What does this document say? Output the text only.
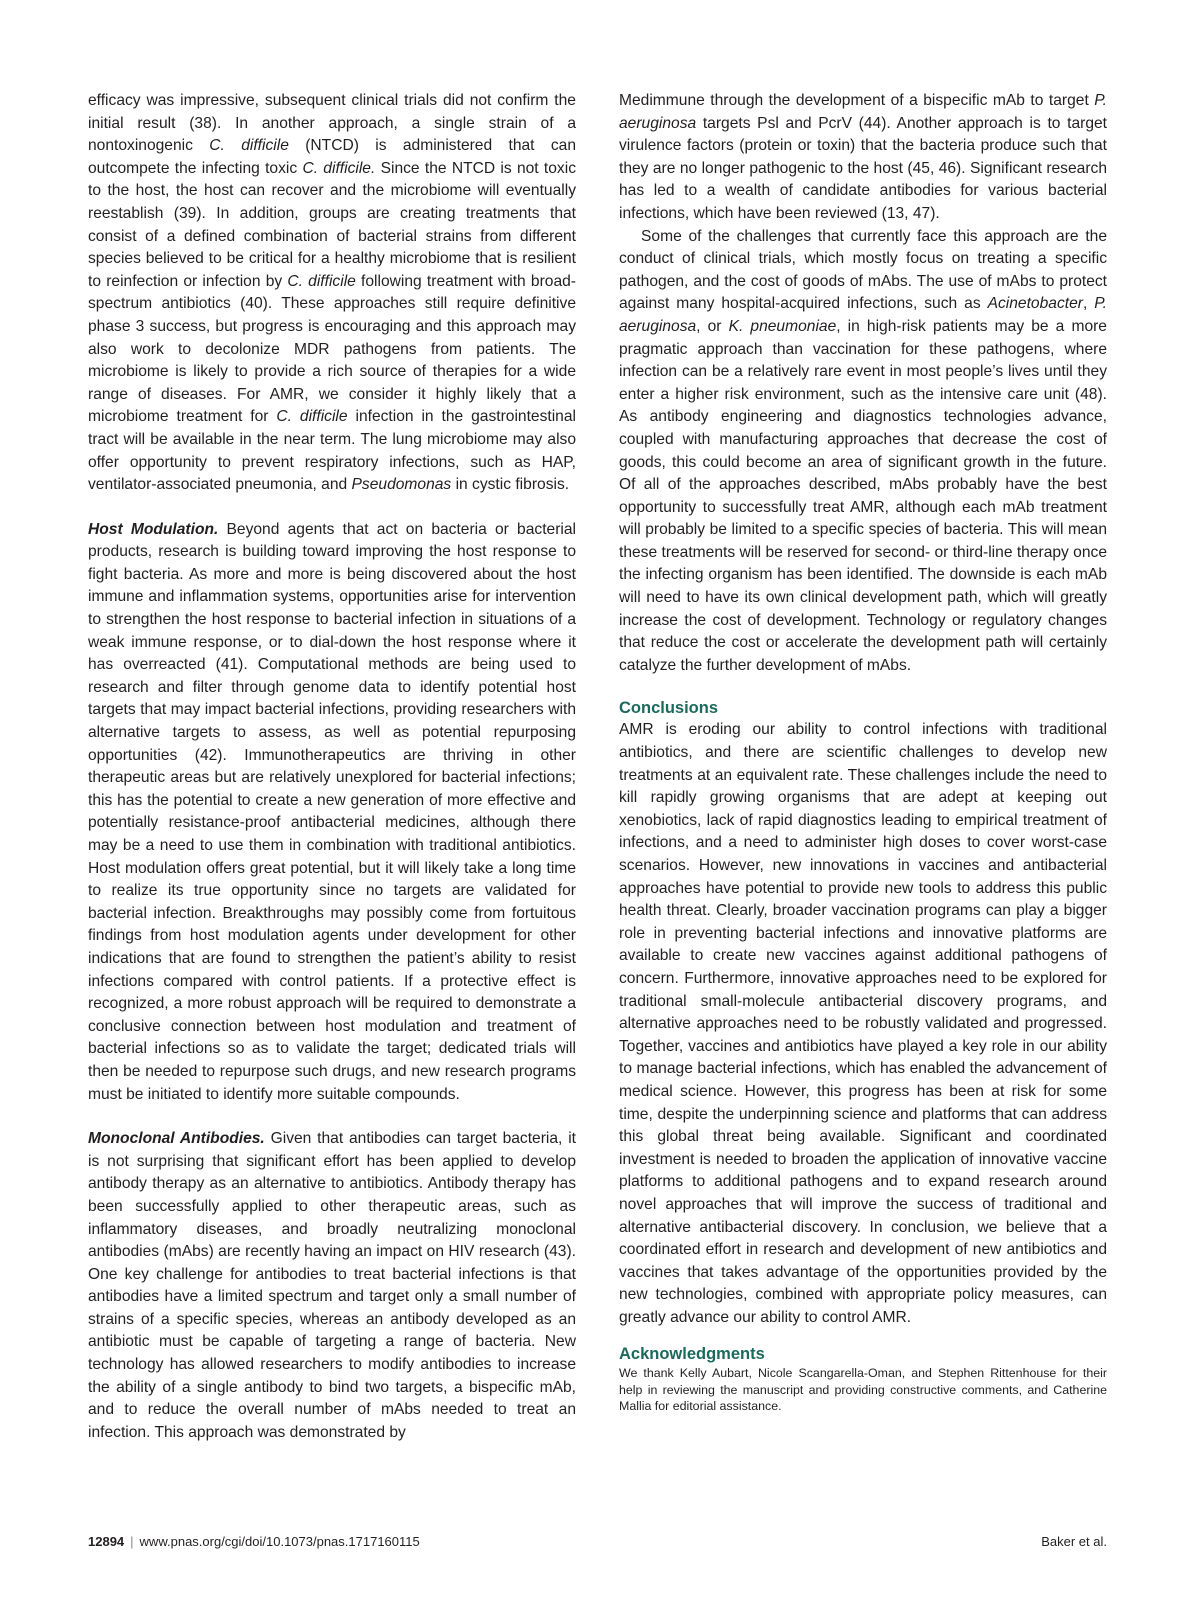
efficacy was impressive, subsequent clinical trials did not confirm the initial result (38). In another approach, a single strain of a nontoxinogenic C. difficile (NTCD) is administered that can outcompete the infecting toxic C. difficile. Since the NTCD is not toxic to the host, the host can recover and the microbiome will eventually reestablish (39). In addition, groups are creating treatments that consist of a defined combination of bacterial strains from different species believed to be critical for a healthy microbiome that is resilient to reinfection or infection by C. difficile following treatment with broad-spectrum antibiotics (40). These approaches still require definitive phase 3 success, but progress is encouraging and this approach may also work to decolonize MDR pathogens from patients. The microbiome is likely to provide a rich source of therapies for a wide range of diseases. For AMR, we consider it highly likely that a microbiome treatment for C. difficile infection in the gastrointestinal tract will be available in the near term. The lung microbiome may also offer opportunity to prevent respiratory infections, such as HAP, ventilator-associated pneumonia, and Pseudomonas in cystic fibrosis.

Host Modulation. Beyond agents that act on bacteria or bacterial products, research is building toward improving the host response to fight bacteria. As more and more is being discovered about the host immune and inflammation systems, opportunities arise for intervention to strengthen the host response to bacterial infection in situations of a weak immune response, or to dial-down the host response where it has overreacted (41). Computational methods are being used to research and filter through genome data to identify potential host targets that may impact bacterial infections, providing researchers with alternative targets to assess, as well as potential repurposing opportunities (42). Immunotherapeutics are thriving in other therapeutic areas but are relatively unexplored for bacterial infections; this has the potential to create a new generation of more effective and potentially resistance-proof antibacterial medicines, although there may be a need to use them in combination with traditional antibiotics. Host modulation offers great potential, but it will likely take a long time to realize its true opportunity since no targets are validated for bacterial infection. Breakthroughs may possibly come from fortuitous findings from host modulation agents under development for other indications that are found to strengthen the patient’s ability to resist infections compared with control patients. If a protective effect is recognized, a more robust approach will be required to demonstrate a conclusive connection between host modulation and treatment of bacterial infections so as to validate the target; dedicated trials will then be needed to repurpose such drugs, and new research programs must be initiated to identify more suitable compounds.

Monoclonal Antibodies. Given that antibodies can target bacteria, it is not surprising that significant effort has been applied to develop antibody therapy as an alternative to antibiotics. Antibody therapy has been successfully applied to other therapeutic areas, such as inflammatory diseases, and broadly neutralizing monoclonal antibodies (mAbs) are recently having an impact on HIV research (43). One key challenge for antibodies to treat bacterial infections is that antibodies have a limited spectrum and target only a small number of strains of a specific species, whereas an antibody developed as an antibiotic must be capable of targeting a range of bacteria. New technology has allowed researchers to modify antibodies to increase the ability of a single antibody to bind two targets, a bispecific mAb, and to reduce the overall number of mAbs needed to treat an infection. This approach was demonstrated by

Medimmune through the development of a bispecific mAb to target P. aeruginosa targets Psl and PcrV (44). Another approach is to target virulence factors (protein or toxin) that the bacteria produce such that they are no longer pathogenic to the host (45, 46). Significant research has led to a wealth of candidate antibodies for various bacterial infections, which have been reviewed (13, 47).

Some of the challenges that currently face this approach are the conduct of clinical trials, which mostly focus on treating a specific pathogen, and the cost of goods of mAbs. The use of mAbs to protect against many hospital-acquired infections, such as Acinetobacter, P. aeruginosa, or K. pneumoniae, in high-risk patients may be a more pragmatic approach than vaccination for these pathogens, where infection can be a relatively rare event in most people’s lives until they enter a higher risk environment, such as the intensive care unit (48). As antibody engineering and diagnostics technologies advance, coupled with manufacturing approaches that decrease the cost of goods, this could become an area of significant growth in the future. Of all of the approaches described, mAbs probably have the best opportunity to successfully treat AMR, although each mAb treatment will probably be limited to a specific species of bacteria. This will mean these treatments will be reserved for second- or third-line therapy once the infecting organism has been identified. The downside is each mAb will need to have its own clinical development path, which will greatly increase the cost of development. Technology or regulatory changes that reduce the cost or accelerate the development path will certainly catalyze the further development of mAbs.

Conclusions

AMR is eroding our ability to control infections with traditional antibiotics, and there are scientific challenges to develop new treatments at an equivalent rate. These challenges include the need to kill rapidly growing organisms that are adept at keeping out xenobiotics, lack of rapid diagnostics leading to empirical treatment of infections, and a need to administer high doses to cover worst-case scenarios. However, new innovations in vaccines and antibacterial approaches have potential to provide new tools to address this public health threat. Clearly, broader vaccination programs can play a bigger role in preventing bacterial infections and innovative platforms are available to create new vaccines against additional pathogens of concern. Furthermore, innovative approaches need to be explored for traditional small-molecule antibacterial discovery programs, and alternative approaches need to be robustly validated and progressed. Together, vaccines and antibiotics have played a key role in our ability to manage bacterial infections, which has enabled the advancement of medical science. However, this progress has been at risk for some time, despite the underpinning science and platforms that can address this global threat being available. Significant and coordinated investment is needed to broaden the application of innovative vaccine platforms to additional pathogens and to expand research around novel approaches that will improve the success of traditional and alternative antibacterial discovery. In conclusion, we believe that a coordinated effort in research and development of new antibiotics and vaccines that takes advantage of the opportunities provided by the new technologies, combined with appropriate policy measures, can greatly advance our ability to control AMR.

Acknowledgments

We thank Kelly Aubart, Nicole Scangarella-Oman, and Stephen Rittenhouse for their help in reviewing the manuscript and providing constructive comments, and Catherine Mallia for editorial assistance.

12894 | www.pnas.org/cgi/doi/10.1073/pnas.1717160115	Baker et al.
